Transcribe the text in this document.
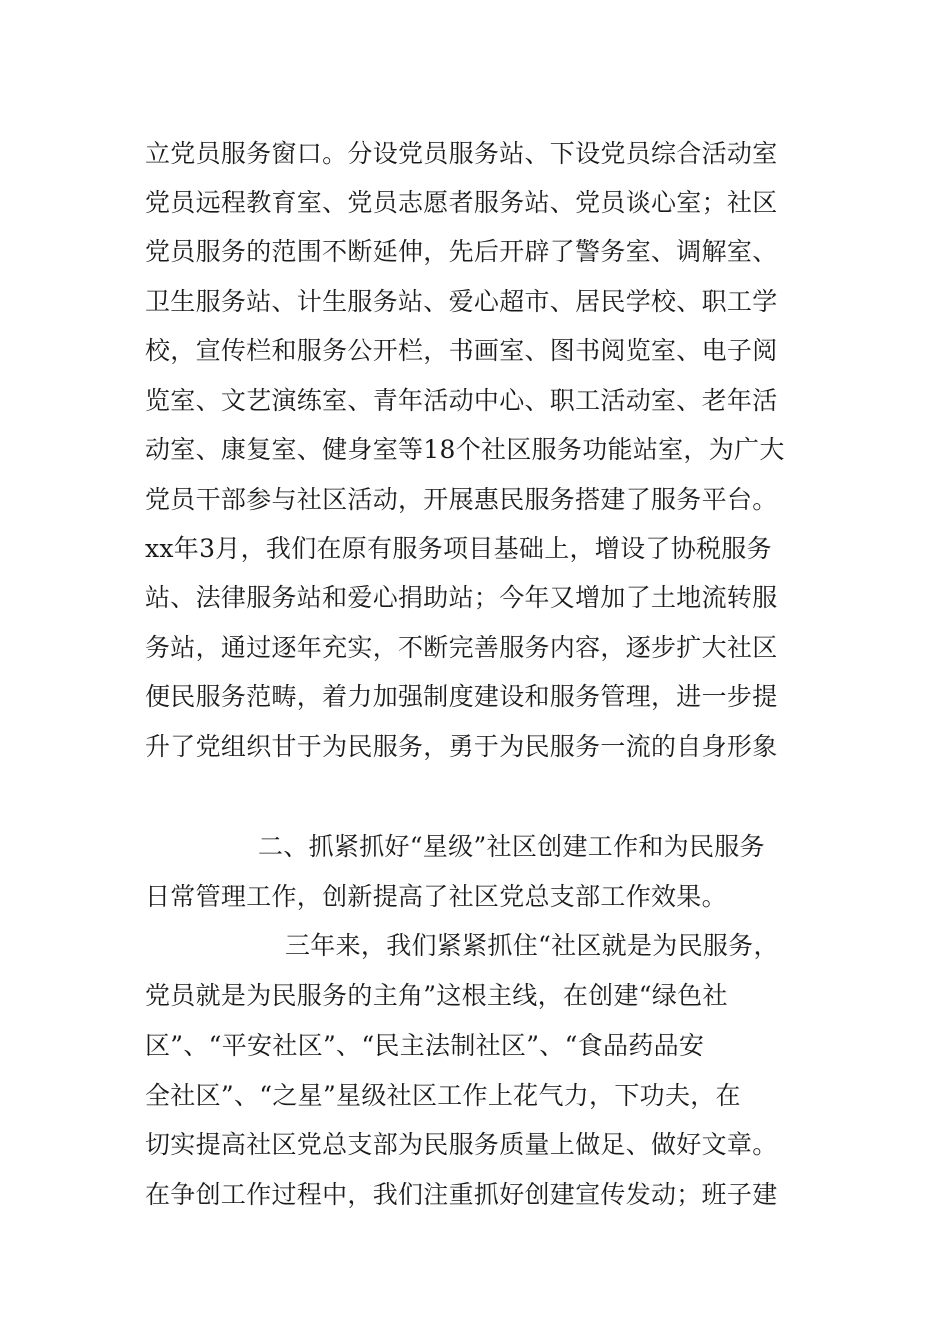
立党员服务窗口。分设党员服务站、下设党员综合活动室
党员远程教育室、党员志愿者服务站、党员谈心室；社区
党员服务的范围不断延伸，先后开辟了警务室、调解室、
卫生服务站、计生服务站、爱心超市、居民学校、职工学
校，宣传栏和服务公开栏，书画室、图书阅览室、电子阅
览室、文艺演练室、青年活动中心、职工活动室、老年活
动室、康复室、健身室等18个社区服务功能站室，为广大
党员干部参与社区活动，开展惠民服务搭建了服务平台。
xx年3月，我们在原有服务项目基础上，增设了协税服务
站、法律服务站和爱心捐助站；今年又增加了土地流转服
务站，通过逐年充实，不断完善服务内容，逐步扩大社区
便民服务范畴，着力加强制度建设和服务管理，进一步提
升了党组织甘于为民服务，勇于为民服务一流的自身形象
二、抓紧抓好“星级”社区创建工作和为民服务
日常管理工作，创新提高了社区党总支部工作效果。
三年来，我们紧紧抓住“社区就是为民服务，
党员就是为民服务的主角”这根主线，在创建“绿色社
区”、“平安社区”、“民主法制社区”、“食品药品安
全社区”、“之星”星级社区工作上花气力，下功夫，在
切实提高社区党总支部为民服务质量上做足、做好文章。
在争创工作过程中，我们注重抓好创建宣传发动；班子建
